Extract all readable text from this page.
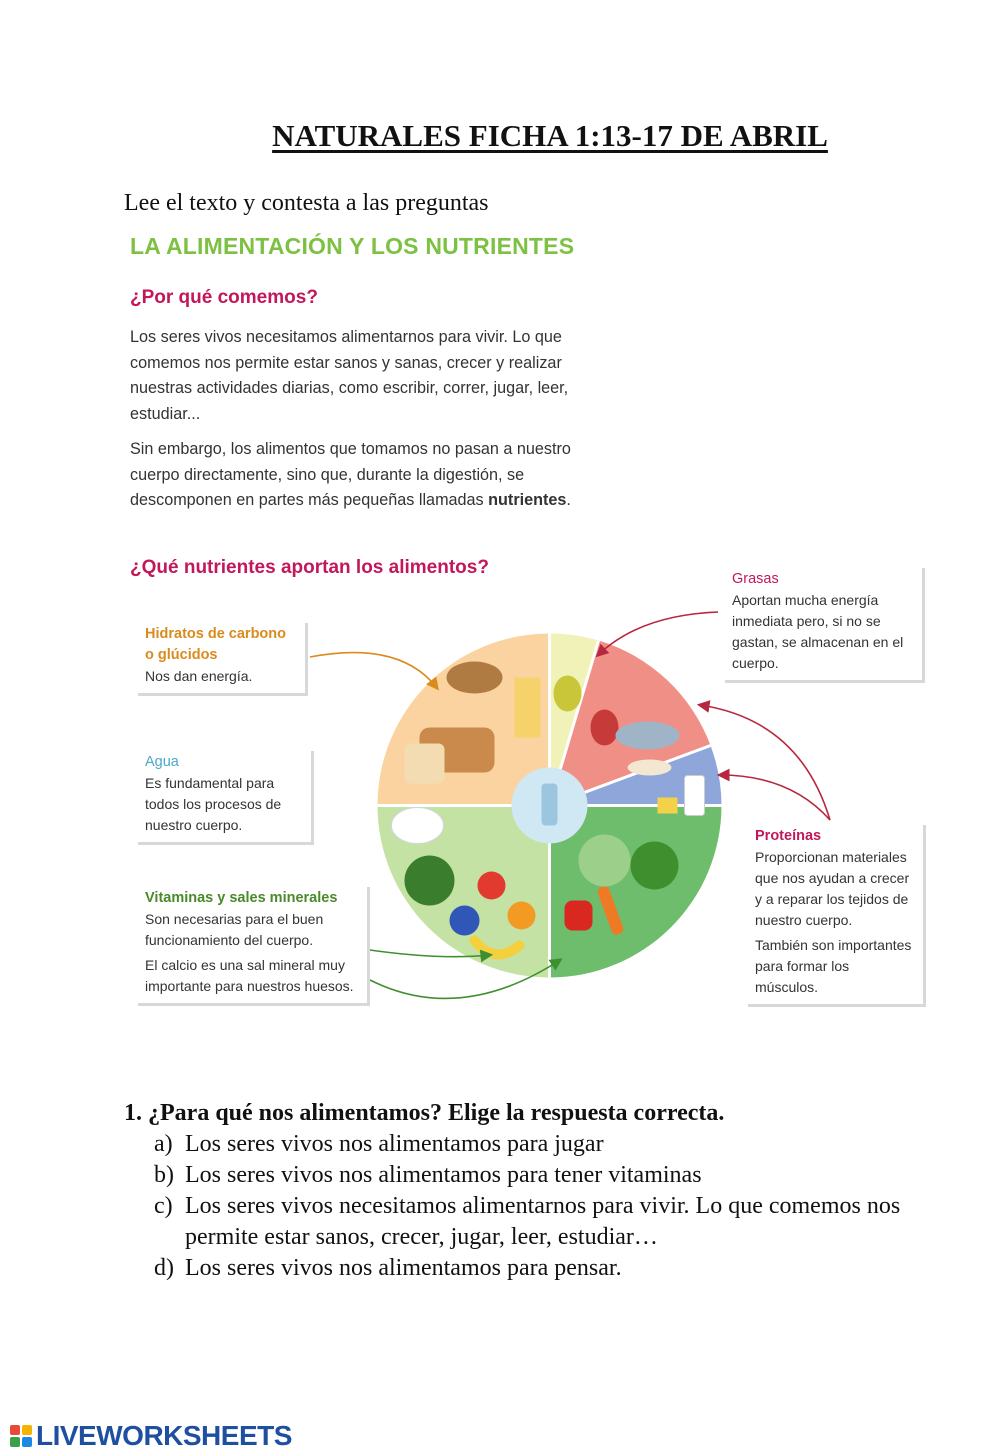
NATURALES FICHA 1:13-17 DE ABRIL
Lee el texto y contesta a las preguntas
LA ALIMENTACIÓN Y LOS NUTRIENTES
¿Por qué comemos?
Los seres vivos necesitamos alimentarnos para vivir. Lo que comemos nos permite estar sanos y sanas, crecer y realizar nuestras actividades diarias, como escribir, correr, jugar, leer, estudiar...
Sin embargo, los alimentos que tomamos no pasan a nuestro cuerpo directamente, sino que, durante la digestión, se descomponen en partes más pequeñas llamadas nutrientes.
¿Qué nutrientes aportan los alimentos?
Hidratos de carbono o glúcidos

Nos dan energía.

Agua

Es fundamental para todos los procesos de nuestro cuerpo.

Vitaminas y sales minerales

Son necesarias para el buen funcionamiento del cuerpo.

El calcio es una sal mineral muy importante para nuestros huesos.

Grasas

Aportan mucha energía inmediata pero, si no se gastan, se almacenan en el cuerpo.

Proteínas

Proporcionan materiales que nos ayudan a crecer y a reparar los tejidos de nuestro cuerpo.

También son importantes para formar los músculos.

1. ¿Para qué nos alimentamos? Elige la respuesta correcta.
a) Los seres vivos nos alimentamos para jugar
b) Los seres vivos nos alimentamos para tener vitaminas
c) Los seres vivos necesitamos alimentarnos para vivir. Lo que comemos nos permite estar sanos, crecer, jugar, leer, estudiar…
d) Los seres vivos nos alimentamos para pensar.
LIVEWORKSHEETS
